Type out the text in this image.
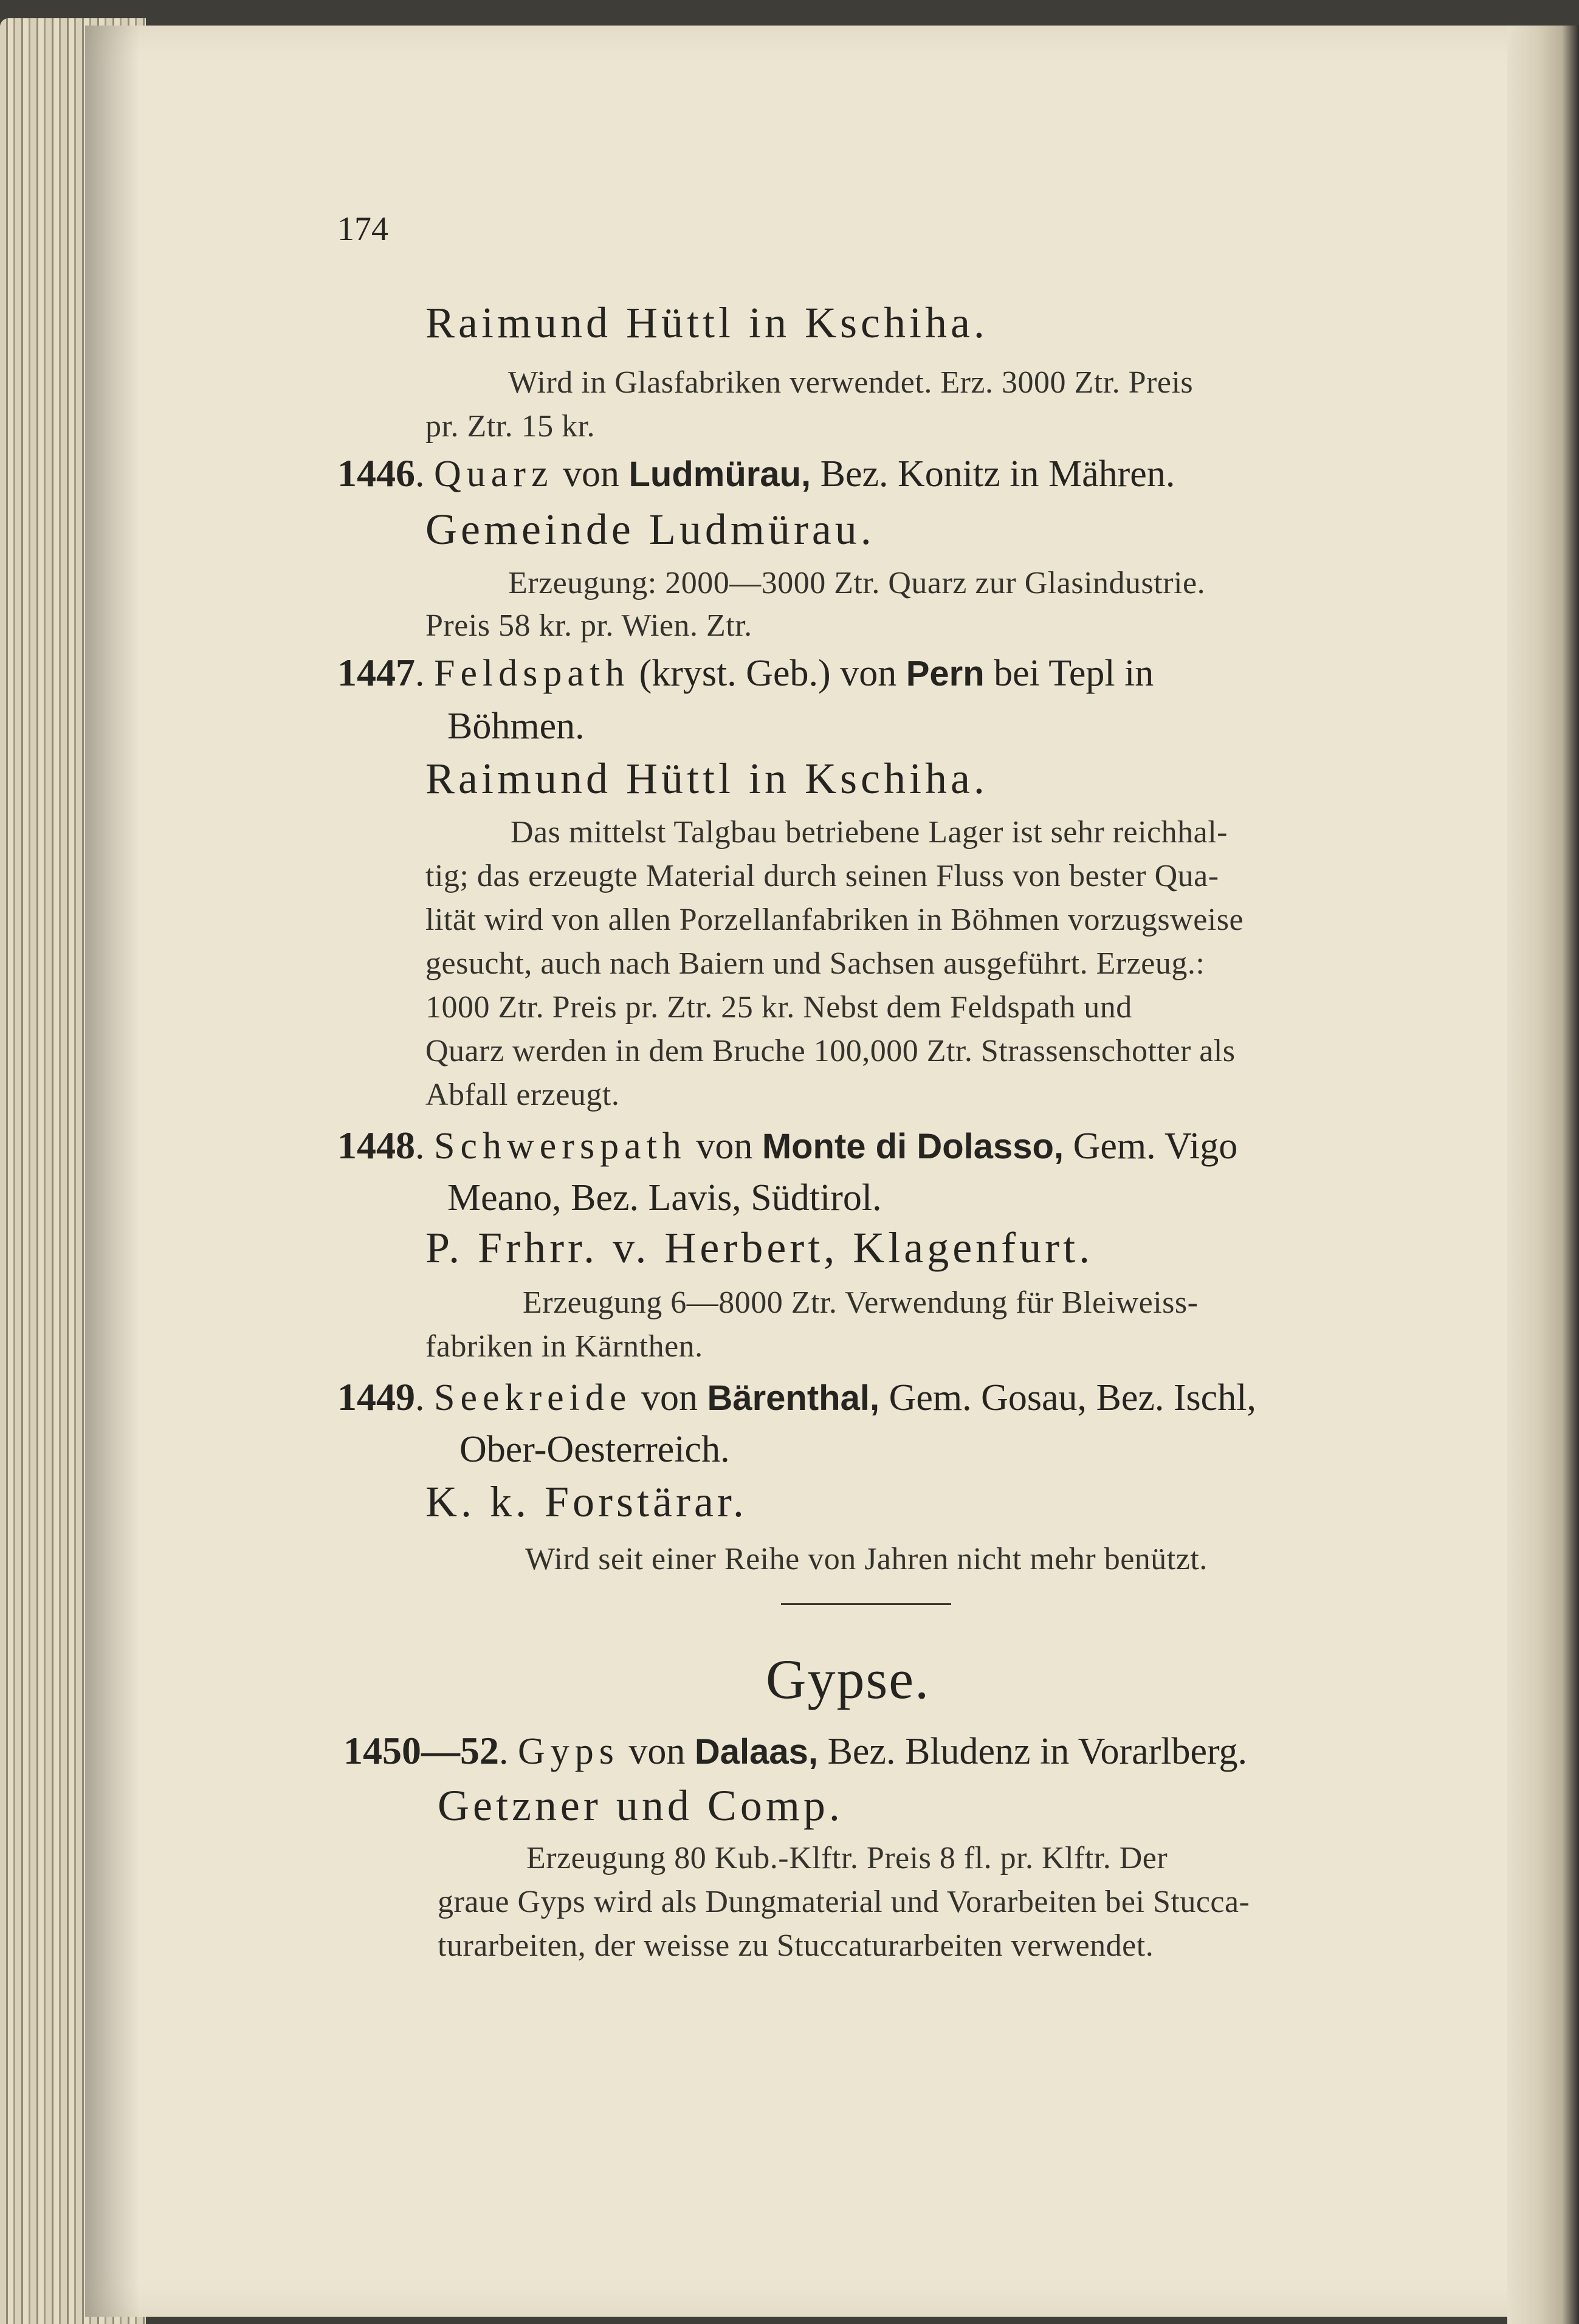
174

Raimund Hüttl in Kschiha.

Wird in Glasfabriken verwendet. Erz. 3000 Ztr. Preis

pr. Ztr. 15 kr.

1446. Quarz von Ludmürau, Bez. Konitz in Mähren.

Gemeinde Ludmürau.

Erzeugung: 2000—3000 Ztr. Quarz zur Glasindustrie.

Preis 58 kr. pr. Wien. Ztr.

1447. Feldspath (kryst. Geb.) von Pern bei Tepl in

Böhmen.

Raimund Hüttl in Kschiha.

Das mittelst Talgbau betriebene Lager ist sehr reichhal-

tig; das erzeugte Material durch seinen Fluss von bester Qua-

lität wird von allen Porzellanfabriken in Böhmen vorzugsweise

gesucht, auch nach Baiern und Sachsen ausgeführt. Erzeug.:

1000 Ztr. Preis pr. Ztr. 25 kr. Nebst dem Feldspath und

Quarz werden in dem Bruche 100,000 Ztr. Strassenschotter als

Abfall erzeugt.

1448. Schwerspath von Monte di Dolasso, Gem. Vigo

Meano, Bez. Lavis, Südtirol.

P. Frhrr. v. Herbert, Klagenfurt.

Erzeugung 6—8000 Ztr. Verwendung für Bleiweiss-

fabriken in Kärnthen.

1449. Seekreide von Bärenthal, Gem. Gosau, Bez. Ischl,

Ober-Oesterreich.

K. k. Forstärar.

Wird seit einer Reihe von Jahren nicht mehr benützt.

Gypse.

1450—52. Gyps von Dalaas, Bez. Bludenz in Vorarlberg.

Getzner und Comp.

Erzeugung 80 Kub.-Klftr. Preis 8 fl. pr. Klftr. Der

graue Gyps wird als Dungmaterial und Vorarbeiten bei Stucca-

turarbeiten, der weisse zu Stuccaturarbeiten verwendet.
